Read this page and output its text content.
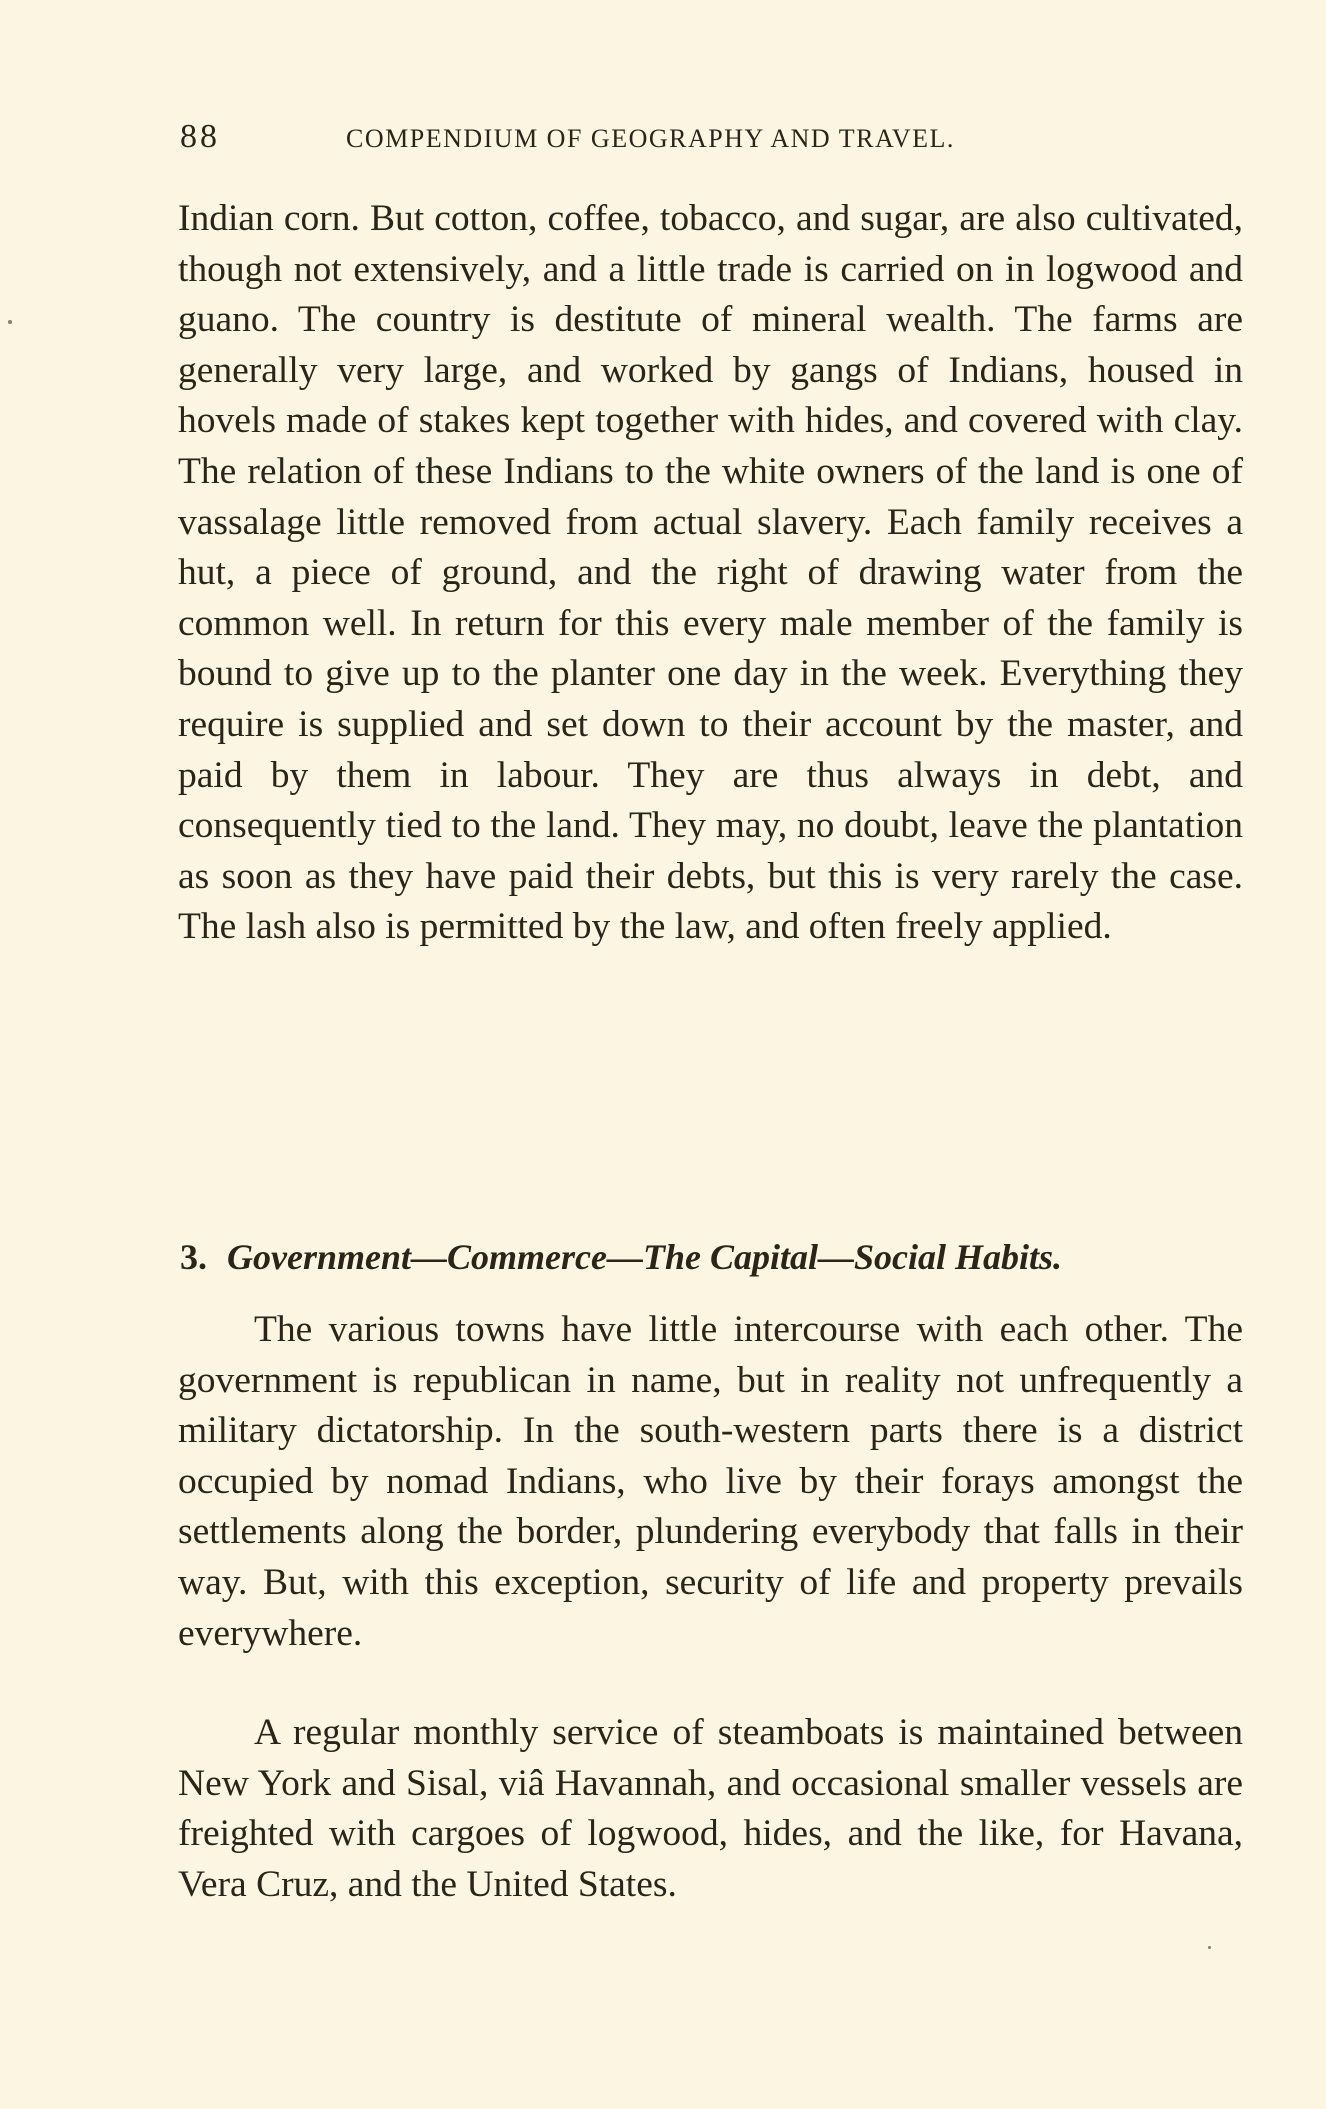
88	COMPENDIUM OF GEOGRAPHY AND TRAVEL.

Indian corn. But cotton, coffee, tobacco, and sugar, are also cultivated, though not extensively, and a little trade is carried on in logwood and guano. The country is destitute of mineral wealth. The farms are generally very large, and worked by gangs of Indians, housed in hovels made of stakes kept together with hides, and covered with clay. The relation of these Indians to the white owners of the land is one of vassalage little removed from actual slavery. Each family receives a hut, a piece of ground, and the right of drawing water from the common well. In return for this every male member of the family is bound to give up to the planter one day in the week. Everything they require is supplied and set down to their account by the master, and paid by them in labour. They are thus always in debt, and consequently tied to the land. They may, no doubt, leave the plantation as soon as they have paid their debts, but this is very rarely the case. The lash also is permitted by the law, and often freely applied.

3. Government—Commerce—The Capital—Social Habits.

The various towns have little intercourse with each other. The government is republican in name, but in reality not unfrequently a military dictatorship. In the south-western parts there is a district occupied by nomad Indians, who live by their forays amongst the settlements along the border, plundering everybody that falls in their way. But, with this exception, security of life and property prevails everywhere.

A regular monthly service of steamboats is maintained between New York and Sisal, viâ Havannah, and occasional smaller vessels are freighted with cargoes of logwood, hides, and the like, for Havana, Vera Cruz, and the United States.
